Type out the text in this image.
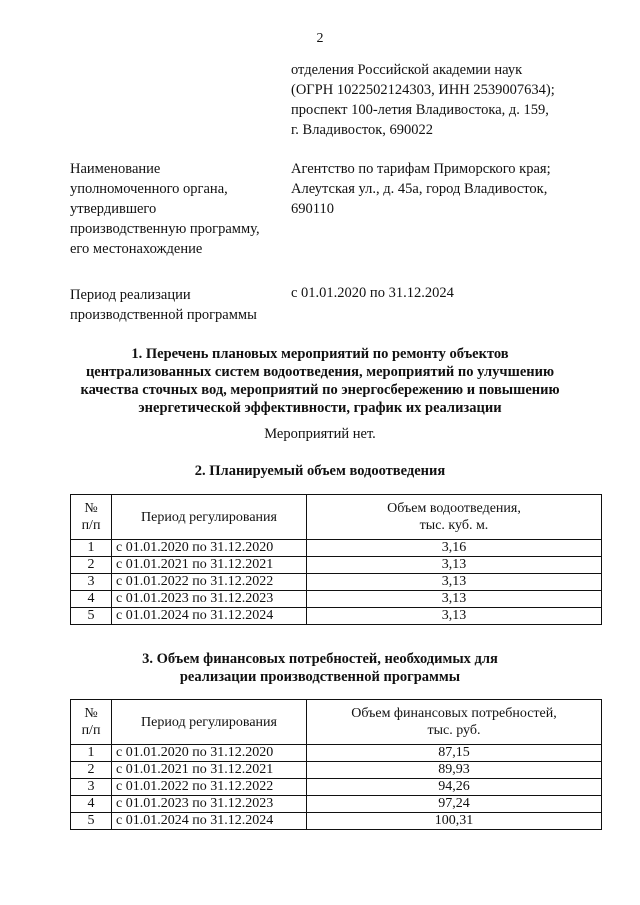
2
отделения Российской академии наук
(ОГРН 1022502124303, ИНН 2539007634);
проспект 100-летия Владивостока, д. 159,
г. Владивосток, 690022
Наименование
уполномоченного органа,
утвердившего
производственную программу,
его местонахождение
Агентство по тарифам Приморского края;
Алеутская ул., д. 45а, город Владивосток,
690110
Период реализации
производственной программы
с 01.01.2020 по 31.12.2024
1. Перечень плановых мероприятий по ремонту объектов
централизованных систем водоотведения, мероприятий по улучшению
качества сточных вод, мероприятий по энергосбережению и повышению
энергетической эффективности, график их реализации
Мероприятий нет.
2. Планируемый объем водоотведения
№
п/п	Период регулирования	Объем водоотведения,
тыс. куб. м.

1	с 01.01.2020 по 31.12.2020	3,16
2	с 01.01.2021 по 31.12.2021	3,13
3	с 01.01.2022 по 31.12.2022	3,13
4	с 01.01.2023 по 31.12.2023	3,13
5	с 01.01.2024 по 31.12.2024	3,13
3. Объем финансовых потребностей, необходимых для
реализации производственной программы
№
п/п	Период регулирования	Объем финансовых потребностей,
тыс. руб.

1	с 01.01.2020 по 31.12.2020	87,15
2	с 01.01.2021 по 31.12.2021	89,93
3	с 01.01.2022 по 31.12.2022	94,26
4	с 01.01.2023 по 31.12.2023	97,24
5	с 01.01.2024 по 31.12.2024	100,31
